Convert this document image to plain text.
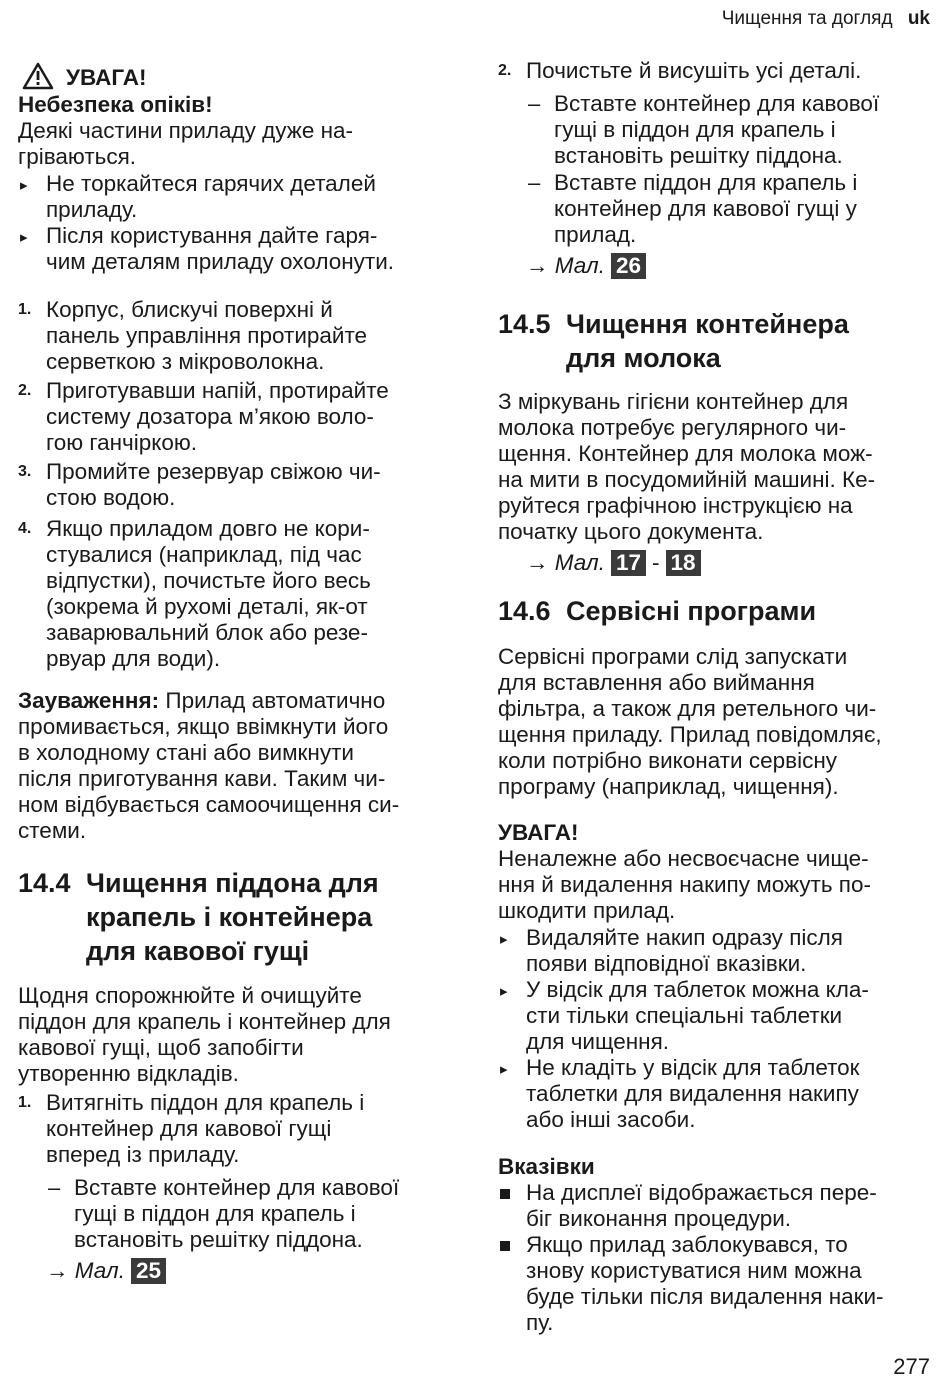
Чищення та догляд uk
УВАГА!
Небезпека опіків!
Деякі частини приладу дуже на-
гріваються.
▸ Не торкайтеся гарячих деталей
приладу.
▸ Після користування дайте гаря-
чим деталям приладу охолонути.
1. Корпус, блискучі поверхні й
панель управління протирайте
серветкою з мікроволокна.
2. Приготувавши напій, протирайте
систему дозатора м’якою воло-
гою ганчіркою.
3. Промийте резервуар свіжою чи-
стою водою.
4. Якщо приладом довго не кори-
стувалися (наприклад, під час
відпустки), почистьте його весь
(зокрема й рухомі деталі, як-от
заварювальний блок або резе-
рвуар для води).
Зауваження: Прилад автоматично
промивається, якщо ввімкнути його
в холодному стані або вимкнути
після приготування кави. Таким чи-
ном відбувається самоочищення си-
стеми.
14.4 Чищення піддона для
крапель і контейнера
для кавової гущі
Щодня спорожнюйте й очищуйте
піддон для крапель і контейнер для
кавової гущі, щоб запобігти
утворенню відкладів.
1. Витягніть піддон для крапель і
контейнер для кавової гущі
вперед із приладу.
– Вставте контейнер для кавової
гущі в піддон для крапель і
встановіть решітку піддона.
→ Мал. 25
2. Почистьте й висушіть усі деталі.
– Вставте контейнер для кавової
гущі в піддон для крапель і
встановіть решітку піддона.
– Вставте піддон для крапель і
контейнер для кавової гущі у
прилад.
→ Мал. 26
14.5 Чищення контейнера
для молока
З міркувань гігієни контейнер для
молока потребує регулярного чи-
щення. Контейнер для молока мож-
на мити в посудомийній машині. Ке-
руйтеся графічною інструкцією на
початку цього документа.
→ Мал. 17 - 18
14.6 Сервісні програми
Сервісні програми слід запускати
для вставлення або виймання
фільтра, а також для ретельного чи-
щення приладу. Прилад повідомляє,
коли потрібно виконати сервісну
програму (наприклад, чищення).
УВАГА!
Неналежне або несвоєчасне чище-
ння й видалення накипу можуть по-
шкодити прилад.
▸ Видаляйте накип одразу після
появи відповідної вказівки.
▸ У відсік для таблеток можна кла-
сти тільки спеціальні таблетки
для чищення.
▸ Не кладіть у відсік для таблеток
таблетки для видалення накипу
або інші засоби.
Вказівки
На дисплеї відображається пере-
біг виконання процедури.
Якщо прилад заблокувався, то
знову користуватися ним можна
буде тільки після видалення наки-
пу.
277
